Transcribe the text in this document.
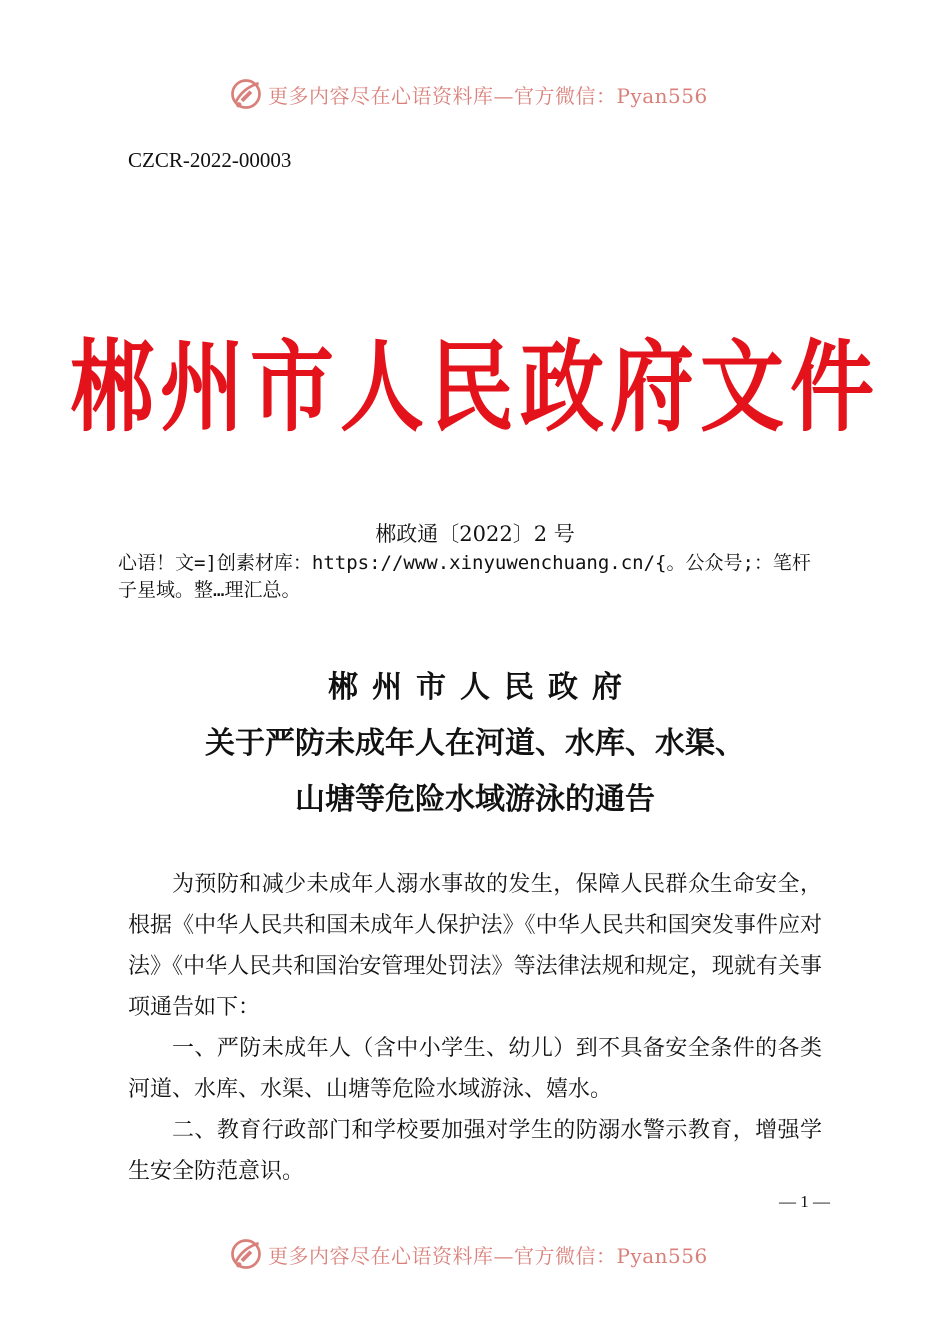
更多内容尽在心语资料库—官方微信：Pyan556
CZCR-2022-00003
郴州市人民政府文件
郴政通〔2022〕2 号
心语！文=]创素材库：https://www.xinyuwenchuang.cn/{。公众号;：笔杆子星域。整…理汇总。
郴州市人民政府
关于严防未成年人在河道、水库、水渠、
山塘等危险水域游泳的通告

为预防和减少未成年人溺水事故的发生，保障人民群众生命安全，根据《中华人民共和国未成年人保护法》《中华人民共和国突发事件应对法》《中华人民共和国治安管理处罚法》等法律法规和规定，现就有关事项通告如下：

一、严防未成年人（含中小学生、幼儿）到不具备安全条件的各类河道、水库、水渠、山塘等危险水域游泳、嬉水。

二、教育行政部门和学校要加强对学生的防溺水警示教育，增强学生安全防范意识。

— 1 —
更多内容尽在心语资料库—官方微信：Pyan556
